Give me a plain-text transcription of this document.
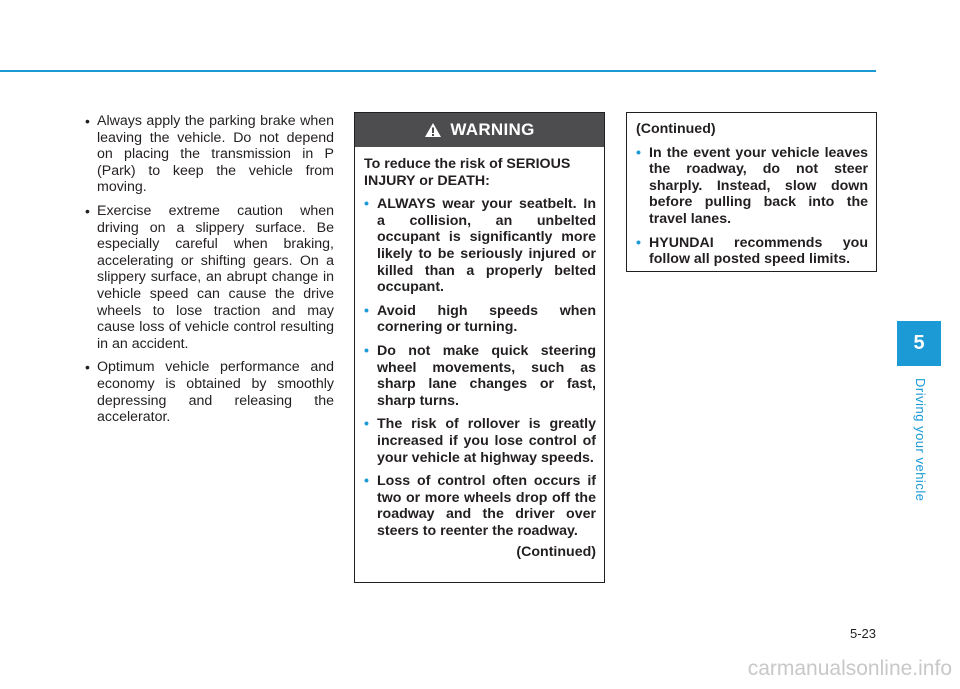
• Always apply the parking brake when leaving the vehicle. Do not depend on placing the transmission in P (Park) to keep the vehicle from moving.
• Exercise extreme caution when driving on a slippery surface. Be especially careful when braking, accelerating or shifting gears. On a slippery surface, an abrupt change in vehicle speed can cause the drive wheels to lose traction and may cause loss of vehicle control resulting in an accident.
• Optimum vehicle performance and economy is obtained by smoothly depressing and releasing the accelerator.
WARNING
To reduce the risk of SERIOUS INJURY or DEATH:
• ALWAYS wear your seatbelt. In a collision, an unbelted occupant is significantly more likely to be seriously injured or killed than a properly belted occupant.
• Avoid high speeds when cornering or turning.
• Do not make quick steering wheel movements, such as sharp lane changes or fast, sharp turns.
• The risk of rollover is greatly increased if you lose control of your vehicle at highway speeds.
• Loss of control often occurs if two or more wheels drop off the roadway and the driver over steers to reenter the roadway.
(Continued)
(Continued)
• In the event your vehicle leaves the roadway, do not steer sharply. Instead, slow down before pulling back into the travel lanes.
• HYUNDAI recommends you follow all posted speed limits.
5
Driving your vehicle
5-23
carmanualsonline.info
